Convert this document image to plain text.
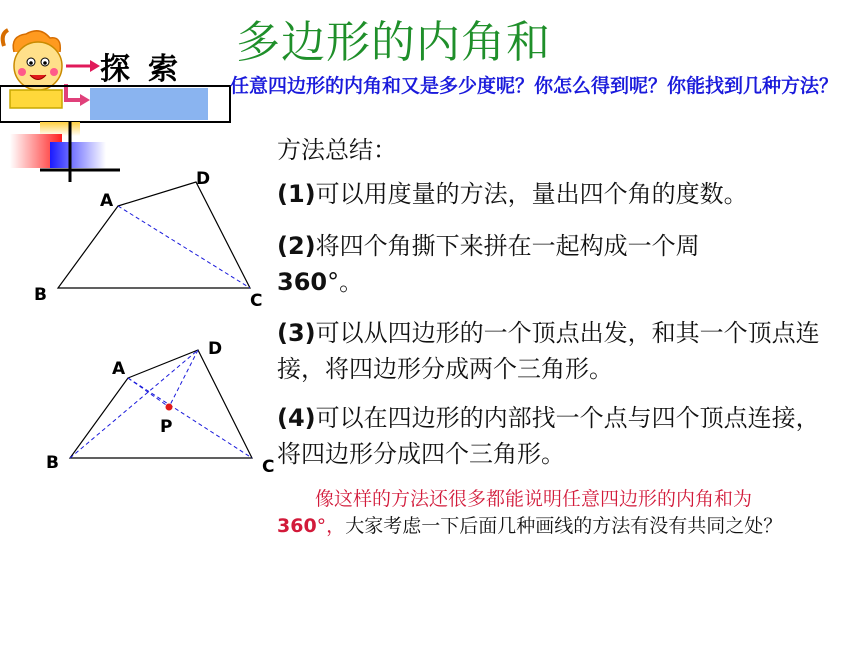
多边形的内角和
探索 任意四边形的内角和又是多少度呢？你怎么得到呢？你能找到几种方法？
方法总结：
(1)可以用度量的方法，量出四个角的度数。
(2)将四个角撕下来拼在一起构成一个周
360°。
(3)可以从四边形的一个顶点出发，和其一个顶点连接，将四边形分成两个三角形。
(4)可以在四边形的内部找一个点与四个顶点连接，将四边形分成四个三角形。
像这样的方法还很多都能说明任意四边形的内角和为360°，大家考虑一下后面几种画线的方法有没有共同之处？
A
B	C
D
A
B	C
D
P
